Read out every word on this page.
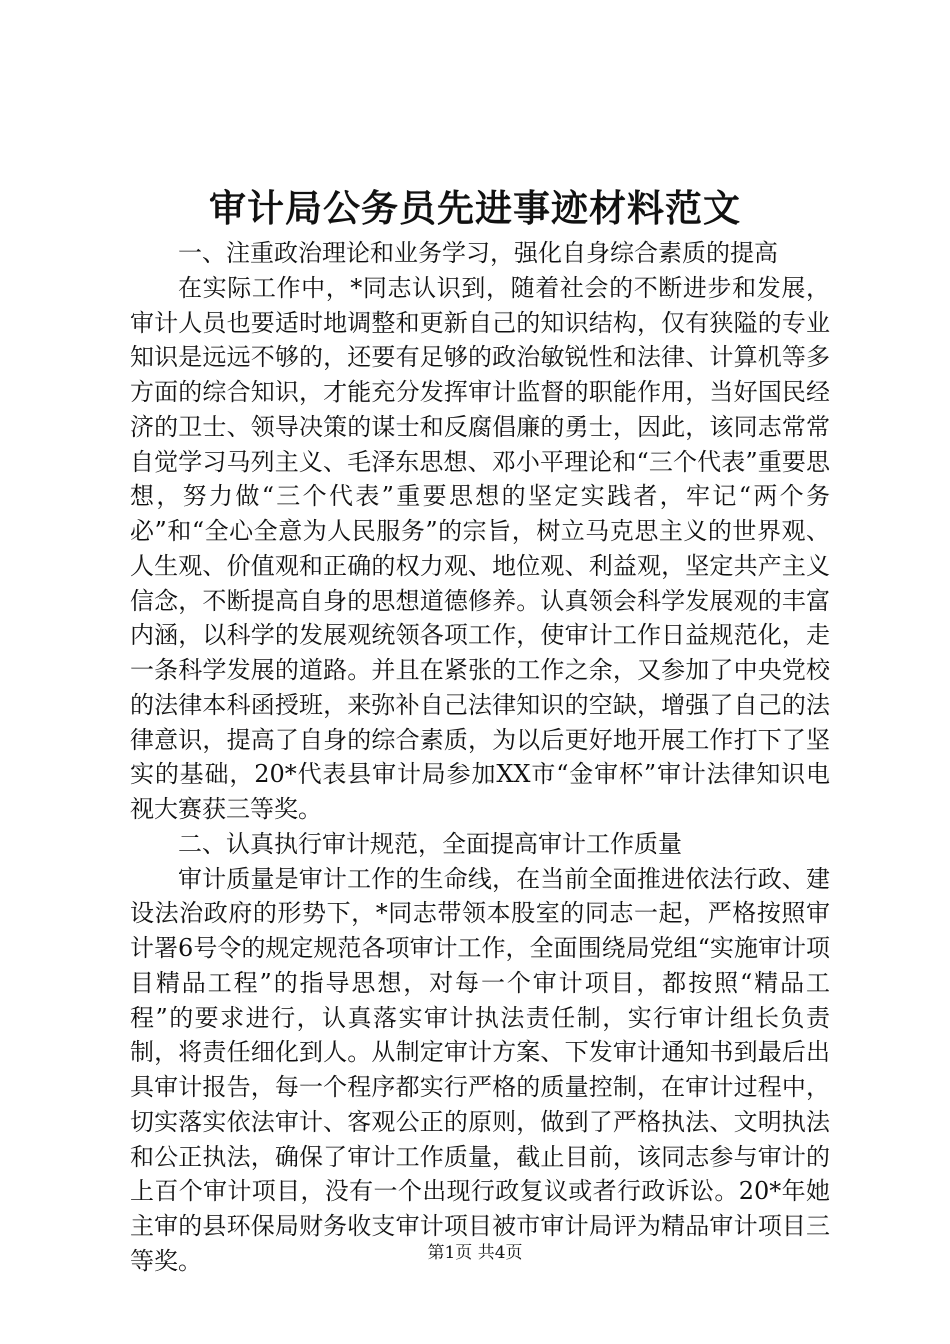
审计局公务员先进事迹材料范文

一、注重政治理论和业务学习，强化自身综合素质的提高

在实际工作中，*同志认识到，随着社会的不断进步和发展，审计人员也要适时地调整和更新自己的知识结构，仅有狭隘的专业知识是远远不够的，还要有足够的政治敏锐性和法律、计算机等多方面的综合知识，才能充分发挥审计监督的职能作用，当好国民经济的卫士、领导决策的谋士和反腐倡廉的勇士，因此，该同志常常自觉学习马列主义、毛泽东思想、邓小平理论和“三个代表”重要思想，努力做“三个代表”重要思想的坚定实践者，牢记“两个务必”和“全心全意为人民服务”的宗旨，树立马克思主义的世界观、人生观、价值观和正确的权力观、地位观、利益观，坚定共产主义信念，不断提高自身的思想道德修养。认真领会科学发展观的丰富内涵，以科学的发展观统领各项工作，使审计工作日益规范化，走一条科学发展的道路。并且在紧张的工作之余，又参加了中央党校的法律本科函授班，来弥补自己法律知识的空缺，增强了自己的法律意识，提高了自身的综合素质，为以后更好地开展工作打下了坚实的基础，20*代表县审计局参加XX市“金审杯”审计法律知识电视大赛获三等奖。

二、认真执行审计规范，全面提高审计工作质量

审计质量是审计工作的生命线，在当前全面推进依法行政、建设法治政府的形势下，*同志带领本股室的同志一起，严格按照审计署6号令的规定规范各项审计工作，全面围绕局党组“实施审计项目精品工程”的指导思想，对每一个审计项目，都按照“精品工程”的要求进行，认真落实审计执法责任制，实行审计组长负责制，将责任细化到人。从制定审计方案、下发审计通知书到最后出具审计报告，每一个程序都实行严格的质量控制，在审计过程中，切实落实依法审计、客观公正的原则，做到了严格执法、文明执法和公正执法，确保了审计工作质量，截止目前，该同志参与审计的上百个审计项目，没有一个出现行政复议或者行政诉讼。20*年她主审的县环保局财务收支审计项目被市审计局评为精品审计项目三等奖。	第1页 共4页
